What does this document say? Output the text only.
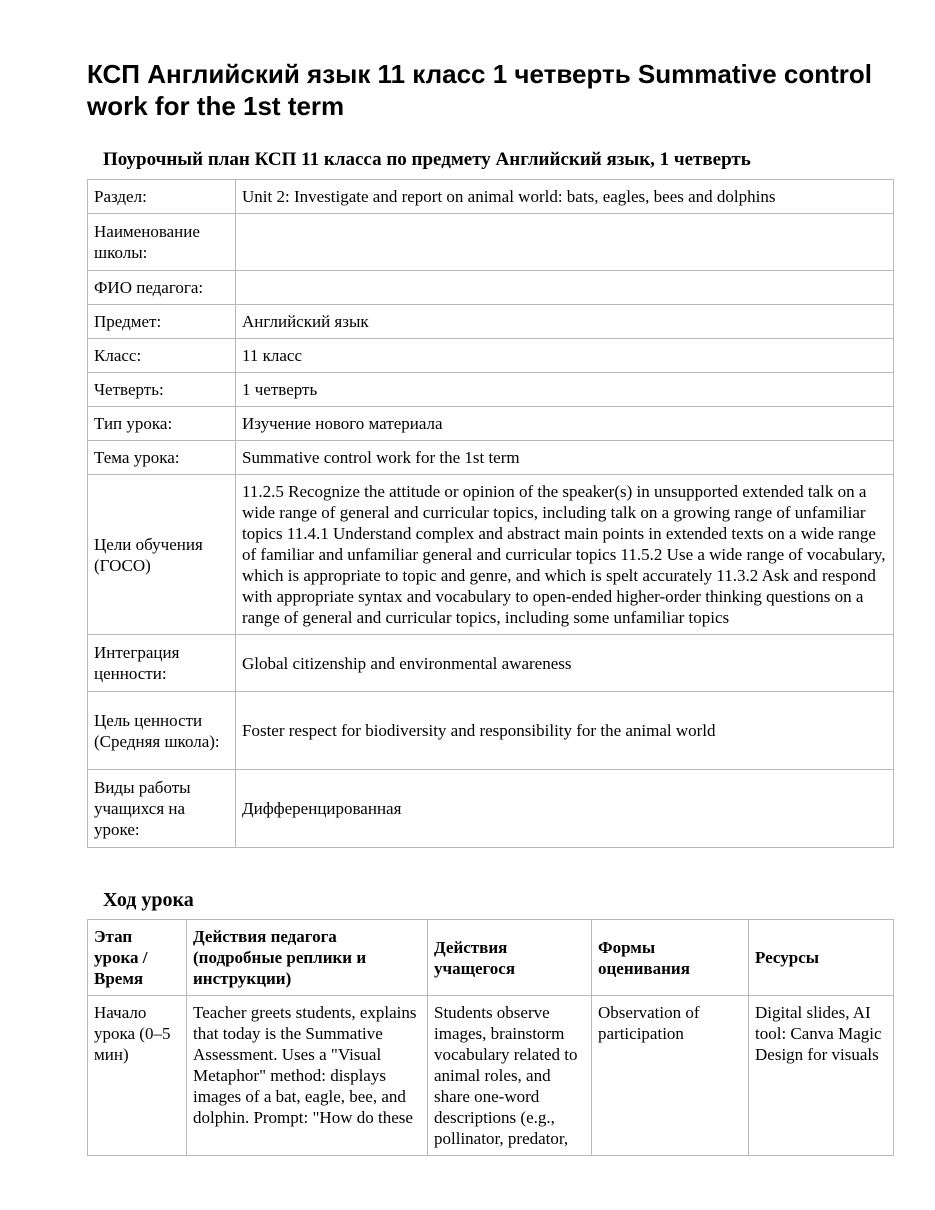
КСП Английский язык 11 класс 1 четверть Summative control work for the 1st term

Поурочный план КСП 11 класса по предмету Английский язык, 1 четверть

Раздел:	Unit 2: Investigate and report on animal world: bats, eagles, bees and dolphins
Наименование школы:	
ФИО педагога:	
Предмет:	Английский язык
Класс:	11 класс
Четверть:	1 четверть
Тип урока:	Изучение нового материала
Тема урока:	Summative control work for the 1st term
Цели обучения (ГОСО)	11.2.5 Recognize the attitude or opinion of the speaker(s) in unsupported extended talk on a wide range of general and curricular topics, including talk on a growing range of unfamiliar topics 11.4.1 Understand complex and abstract main points in extended texts on a wide range of familiar and unfamiliar general and curricular topics 11.5.2 Use a wide range of vocabulary, which is appropriate to topic and genre, and which is spelt accurately 11.3.2 Ask and respond with appropriate syntax and vocabulary to open-ended higher-order thinking questions on a range of general and curricular topics, including some unfamiliar topics
Интеграция ценности:	Global citizenship and environmental awareness
Цель ценности (Средняя школа):	Foster respect for biodiversity and responsibility for the animal world
Виды работы учащихся на уроке:	Дифференцированная

Ход урока

Этап урока / Время	Действия педагога (подробные реплики и инструкции)	Действия учащегося	Формы оценивания	Ресурсы

Начало урока (0–5 мин)	Teacher greets students, explains that today is the Summative Assessment. Uses a "Visual Metaphor" method: displays images of a bat, eagle, bee, and dolphin. Prompt: "How do these	Students observe images, brainstorm vocabulary related to animal roles, and share one-word descriptions (e.g., pollinator, predator,	Observation of participation	Digital slides, AI tool: Canva Magic Design for visuals
